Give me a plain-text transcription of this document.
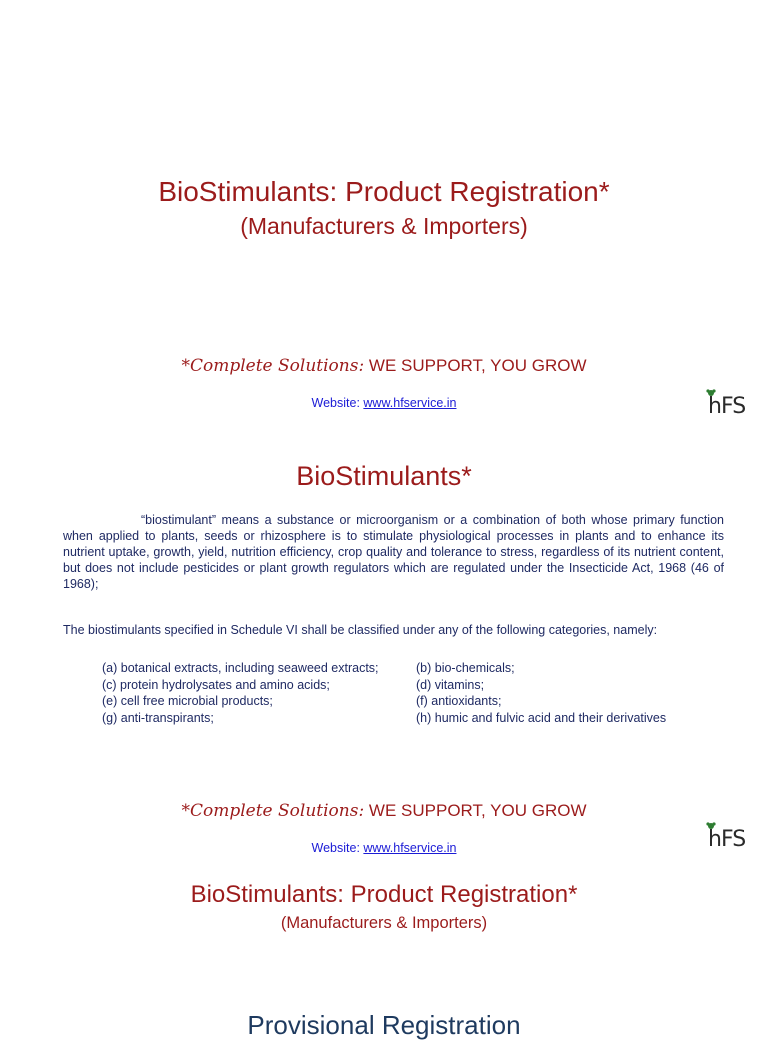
BioStimulants: Product Registration*
(Manufacturers & Importers)
*Complete Solutions: WE SUPPORT, YOU GROW
Website: www.hfservice.in	hFS
BioStimulants*
“biostimulant” means a substance or microorganism or a combination of both whose primary function when applied to plants, seeds or rhizosphere is to stimulate physiological processes in plants and to enhance its nutrient uptake, growth, yield, nutrition efficiency, crop quality and tolerance to stress, regardless of its nutrient content, but does not include pesticides or plant growth regulators which are regulated under the Insecticide Act, 1968 (46 of 1968);
The biostimulants specified in Schedule VI shall be classified under any of the following categories, namely:
(a) botanical extracts, including seaweed extracts;
(c) protein hydrolysates and amino acids;
(e) cell free microbial products;
(g) anti-transpirants;
(b) bio-chemicals;
(d) vitamins;
(f) antioxidants;
(h) humic and fulvic acid and their derivatives
*Complete Solutions: WE SUPPORT, YOU GROW
Website: www.hfservice.in	hFS
BioStimulants: Product Registration*
(Manufacturers & Importers)
Provisional Registration
